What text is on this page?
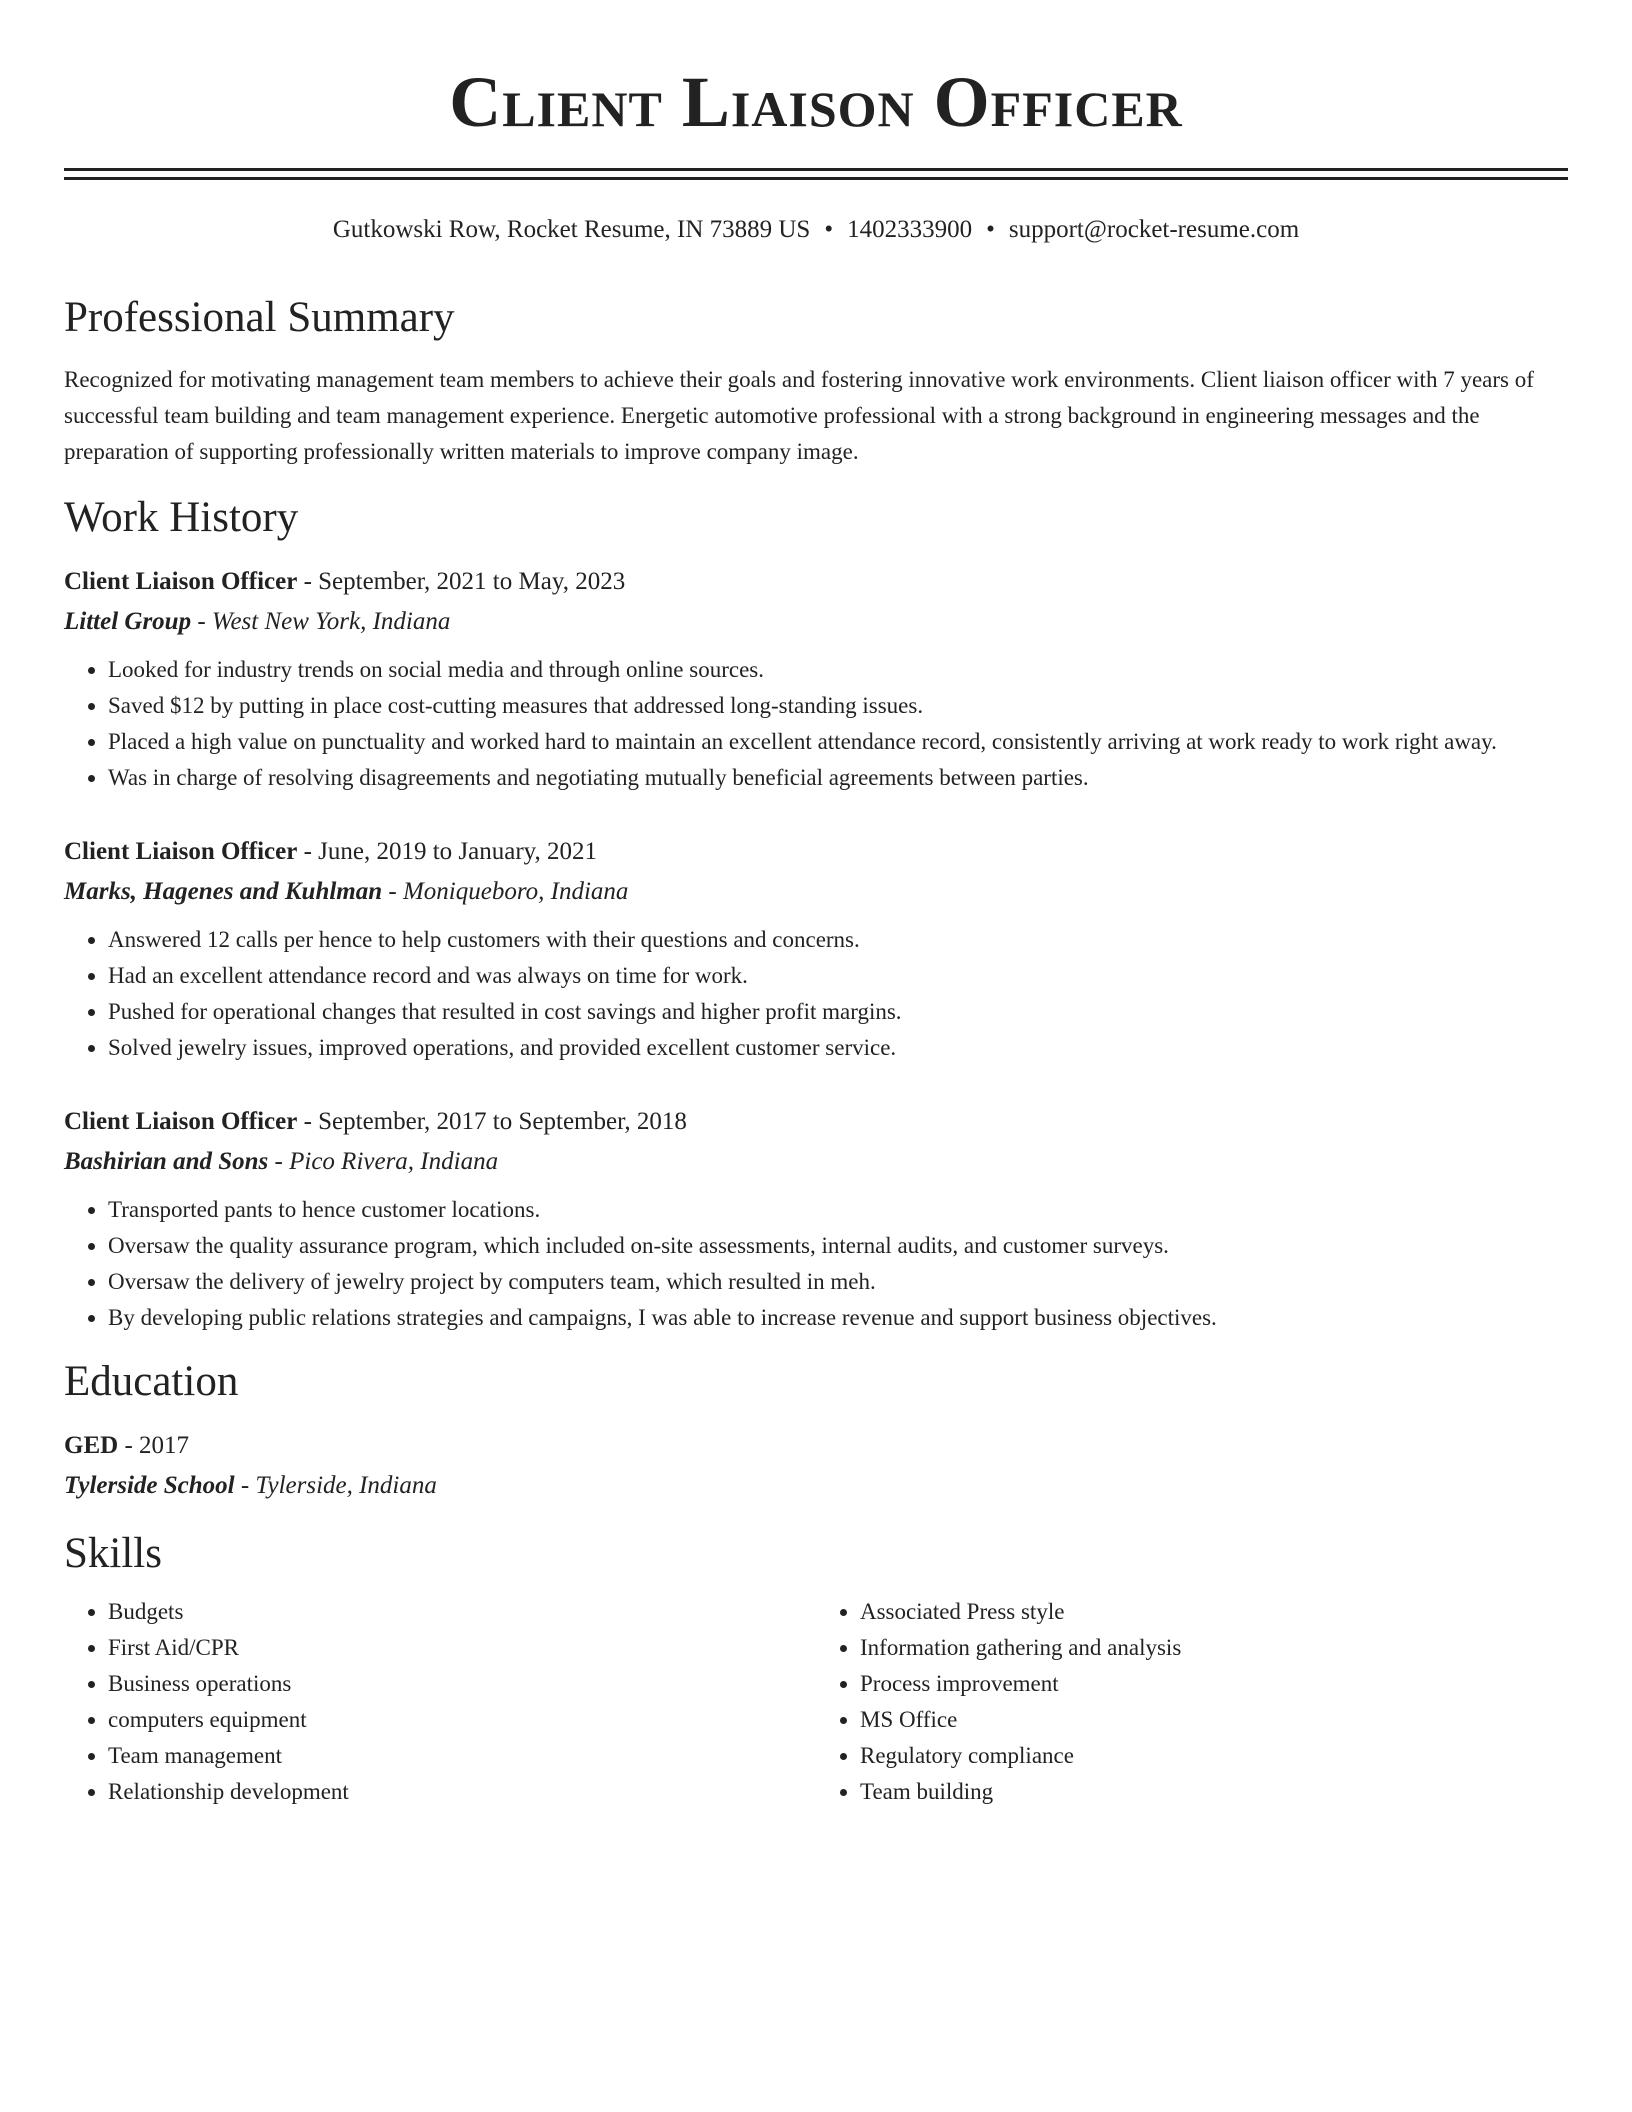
Client Liaison Officer
Gutkowski Row, Rocket Resume, IN 73889 US • 1402333900 • support@rocket-resume.com
Professional Summary

Recognized for motivating management team members to achieve their goals and fostering innovative work environments. Client liaison officer with 7 years of successful team building and team management experience. Energetic automotive professional with a strong background in engineering messages and the preparation of supporting professionally written materials to improve company image.

Work History
Client Liaison Officer - September, 2021 to May, 2023
Littel Group - West New York, Indiana
• Looked for industry trends on social media and through online sources.
• Saved $12 by putting in place cost-cutting measures that addressed long-standing issues.
• Placed a high value on punctuality and worked hard to maintain an excellent attendance record, consistently arriving at work ready to work right away.
• Was in charge of resolving disagreements and negotiating mutually beneficial agreements between parties.
Client Liaison Officer - June, 2019 to January, 2021
Marks, Hagenes and Kuhlman - Moniqueboro, Indiana
• Answered 12 calls per hence to help customers with their questions and concerns.
• Had an excellent attendance record and was always on time for work.
• Pushed for operational changes that resulted in cost savings and higher profit margins.
• Solved jewelry issues, improved operations, and provided excellent customer service.
Client Liaison Officer - September, 2017 to September, 2018
Bashirian and Sons - Pico Rivera, Indiana
• Transported pants to hence customer locations.
• Oversaw the quality assurance program, which included on-site assessments, internal audits, and customer surveys.
• Oversaw the delivery of jewelry project by computers team, which resulted in meh.
• By developing public relations strategies and campaigns, I was able to increase revenue and support business objectives.
Education
GED - 2017
Tylerside School - Tylerside, Indiana
Skills
• Budgets
• First Aid/CPR
• Business operations
• computers equipment
• Team management
• Relationship development
• Associated Press style
• Information gathering and analysis
• Process improvement
• MS Office
• Regulatory compliance
• Team building
